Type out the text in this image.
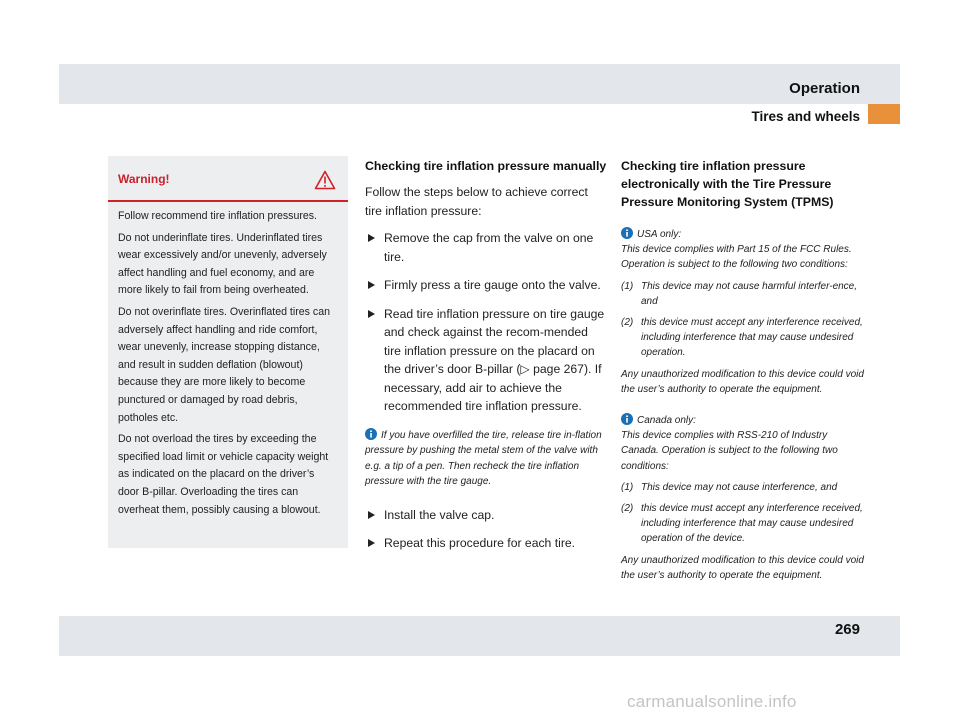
Operation
Tires and wheels
Warning!

Follow recommend tire inflation pressures.

Do not underinflate tires. Underinflated tires wear excessively and/or unevenly, adversely affect handling and fuel economy, and are more likely to fail from being overheated.

Do not overinflate tires. Overinflated tires can adversely affect handling and ride comfort, wear unevenly, increase stopping distance, and result in sudden deflation (blowout) because they are more likely to become punctured or damaged by road debris, potholes etc.

Do not overload the tires by exceeding the specified load limit or vehicle capacity weight as indicated on the placard on the driver’s door B-pillar. Overloading the tires can overheat them, possibly causing a blowout.

Checking tire inflation pressure manually
Follow the steps below to achieve correct tire inflation pressure:
Remove the cap from the valve on one tire.
Firmly press a tire gauge onto the valve.
Read tire inflation pressure on tire gauge and check against the recom-mended tire inflation pressure on the placard on the driver’s door B-pillar (▷ page 267). If necessary, add air to achieve the recommended tire inflation pressure.
If you have overfilled the tire, release tire in-flation pressure by pushing the metal stem of the valve with e.g. a tip of a pen. Then recheck the tire inflation pressure with the tire gauge.
Install the valve cap.
Repeat this procedure for each tire.
Checking tire inflation pressure electronically with the Tire Pressure Pressure Monitoring System (TPMS)

USA only:

This device complies with Part 15 of the FCC Rules. Operation is subject to the following two conditions:

(1) This device may not cause harmful interfer-ence, and

(2) this device must accept any interference received, including interference that may cause undesired operation.

Any unauthorized modification to this device could void the user’s authority to operate the equipment.

Canada only:

This device complies with RSS-210 of Industry Canada. Operation is subject to the following two conditions:

(1) This device may not cause interference, and

(2) this device must accept any interference received, including interference that may cause undesired operation of the device.

Any unauthorized modification to this device could void the user’s authority to operate the equipment.

269
carmanualsonline.info
